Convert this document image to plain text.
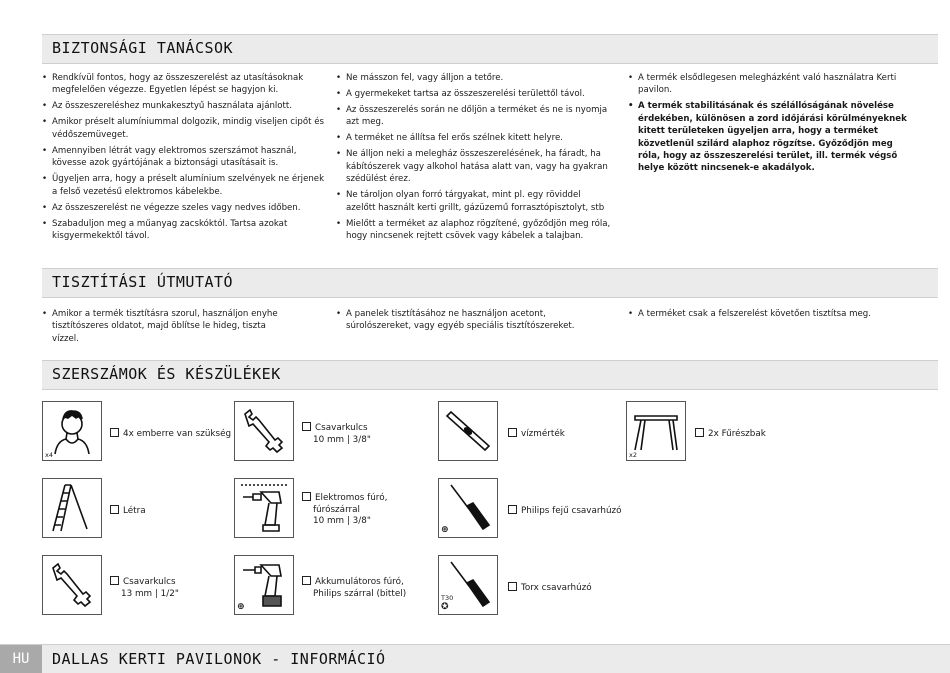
BIZTONSÁGI TANÁCSOK
• Rendkívül fontos, hogy az összeszerelést az utasításoknak megfelelően végezze. Egyetlen lépést se hagyjon ki.
• Az összeszereléshez munkakesztyű használata ajánlott.
• Amikor préselt alumíniummal dolgozik, mindig viseljen cipőt és védőszemüveget.
• Amennyiben létrát vagy elektromos szerszámot használ, kövesse azok gyártójának a biztonsági utasításait is.
• Ügyeljen arra, hogy a préselt alumínium szelvények ne érjenek a felső vezetésű elektromos kábelekbe.
• Az összeszerelést ne végezze szeles vagy nedves időben.
• Szabaduljon meg a műanyag zacskóktól. Tartsa azokat kisgyermekektől távol.
• Ne másszon fel, vagy álljon a tetőre.
• A gyermekeket tartsa az összeszerelési területtől távol.
• Az összeszerelés során ne dőljön a terméket és ne is nyomja azt meg.
• A terméket ne állítsa fel erős szélnek kitett helyre.
• Ne álljon neki a melegház összeszerelésének, ha fáradt, ha kábítószerek vagy alkohol hatása alatt van, vagy ha gyakran szédülést érez.
• Ne tároljon olyan forró tárgyakat, mint pl. egy röviddel azelőtt használt kerti grillt, gázüzemű forrasztópisztolyt, stb
• Mielőtt a terméket az alaphoz rögzítené, győződjön meg róla, hogy nincsenek rejtett csövek vagy kábelek a talajban.
• A termék elsődlegesen melegházként való használatra Kerti pavilon.
• A termék stabilitásának és szélállóságának növelése érdekében, különösen a zord időjárási körülményeknek kitett területeken ügyeljen arra, hogy a terméket közvetlenül szilárd alaphoz rögzítse. Győződjön meg róla, hogy az összeszerelési terület, ill. termék végső helye között nincsenek-e akadályok.
TISZTÍTÁSI ÚTMUTATÓ
• Amikor a termék tisztításra szorul, használjon enyhe tisztítószeres oldatot, majd öblítse le hideg, tiszta vízzel.
• A panelek tisztításához ne használjon acetont, súrolószereket, vagy egyéb speciális tisztítószereket.
• A terméket csak a felszerelést követően tisztítsa meg.
SZERSZÁMOK ÉS KÉSZÜLÉKEK
x4
4x emberre van szükség
Csavarkulcs
10 mm | 3/8"
vízmérték
x2
2x Fűrészbak
Létra
Elektromos fúró,
fúrószárral
10 mm | 3/8"
⊕
Philips fejű csavarhúzó
Csavarkulcs
13 mm | 1/2"
⊕
Akkumulátoros fúró,
Philips szárral (bittel)	T30
✪
Torx csavarhúzó
HU	DALLAS KERTI PAVILONOK - INFORMÁCIÓ
